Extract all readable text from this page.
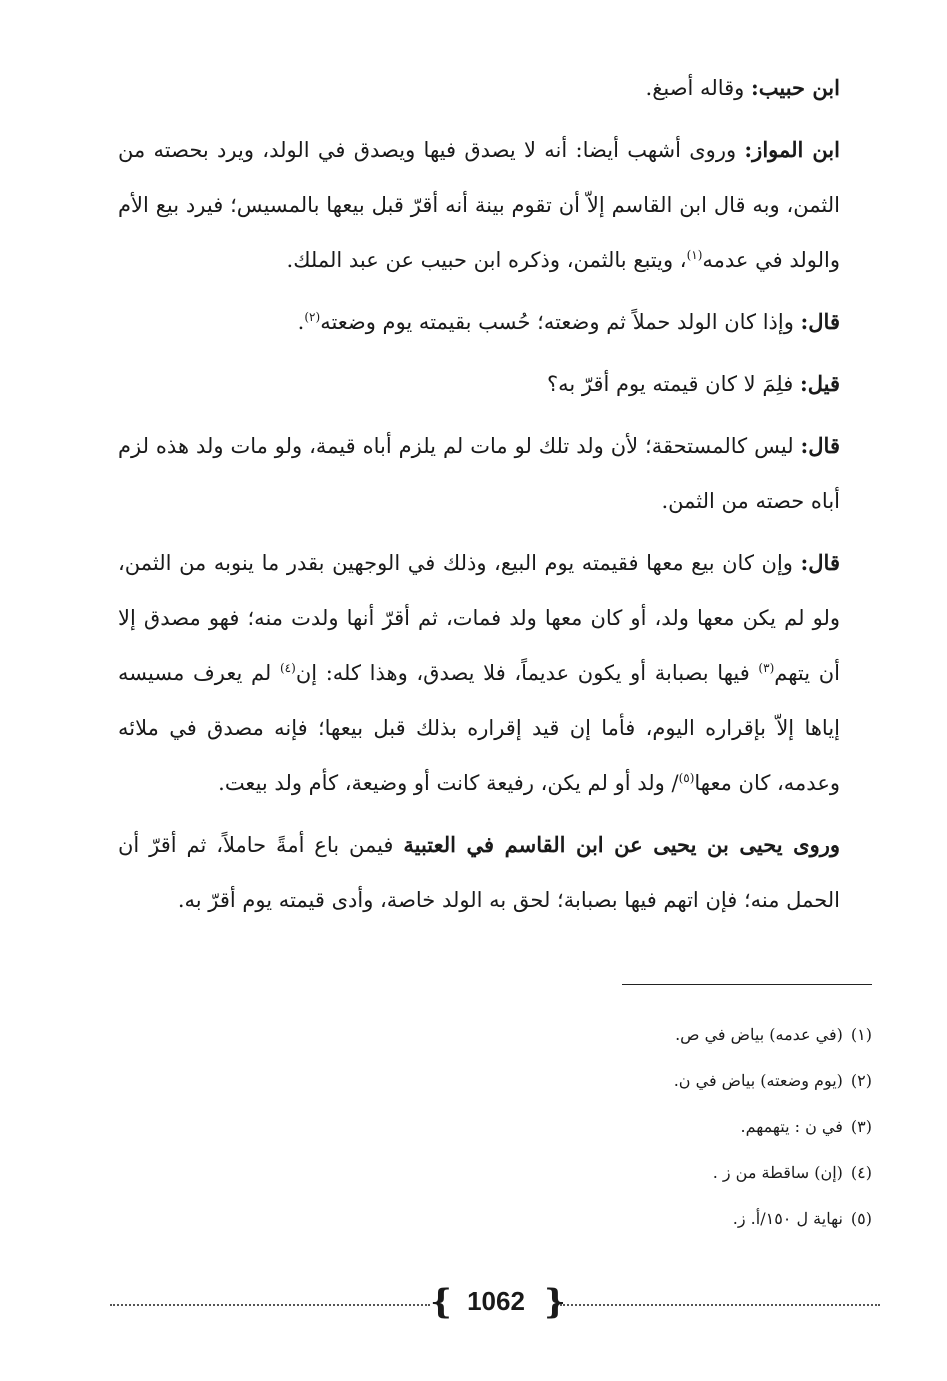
ابن حبيب: وقاله أصبغ.

ابن المواز: وروى أشهب أيضا: أنه لا يصدق فيها ويصدق في الولد، ويرد بحصته من الثمن، وبه قال ابن القاسم إلاّ أن تقوم بينة أنه أقرّ قبل بيعها بالمسيس؛ فيرد بيع الأم والولد في عدمه$^{(١)}$، ويتبع بالثمن، وذكره ابن حبيب عن عبد الملك.

قال: وإذا كان الولد حملاً ثم وضعته؛ حُسب بقيمته يوم وضعته$^{(٢)}$.

قيل: فلِمَ لا كان قيمته يوم أقرّ به؟

قال: ليس كالمستحقة؛ لأن ولد تلك لو مات لم يلزم أباه قيمة، ولو مات ولد هذه لزم أباه حصته من الثمن.

قال: وإن كان بيع معها فقيمته يوم البيع، وذلك في الوجهين بقدر ما ينوبه من الثمن، ولو لم يكن معها ولد، أو كان معها ولد فمات، ثم أقرّ أنها ولدت منه؛ فهو مصدق إلا أن يتهم$^{(٣)}$ فيها بصبابة أو يكون عديماً، فلا يصدق، وهذا كله: إن$^{(٤)}$ لم يعرف مسيسه إياها إلاّ بإقراره اليوم، فأما إن قيد إقراره بذلك قبل بيعها؛ فإنه مصدق في ملائه وعدمه، كان معها$^{(٥)}$/ ولد أو لم يكن، رفيعة كانت أو وضيعة، كأم ولد بيعت.

وروى يحيى بن يحيى عن ابن القاسم في العتبية فيمن باع أمةً حاملاً، ثم أقرّ أن الحمل منه؛ فإن اتهم فيها بصبابة؛ لحق به الولد خاصة، وأدى قيمته يوم أقرّ به.

(١)(في عدمه) بياض في ص.

(٢)(يوم وضعته) بياض في ن.

(٣)في ن : يتهمهم.

(٤)(إن) ساقطة من ز .

(٥)نهاية ل ١٥٠/أ. ز.

{ 1062 }
